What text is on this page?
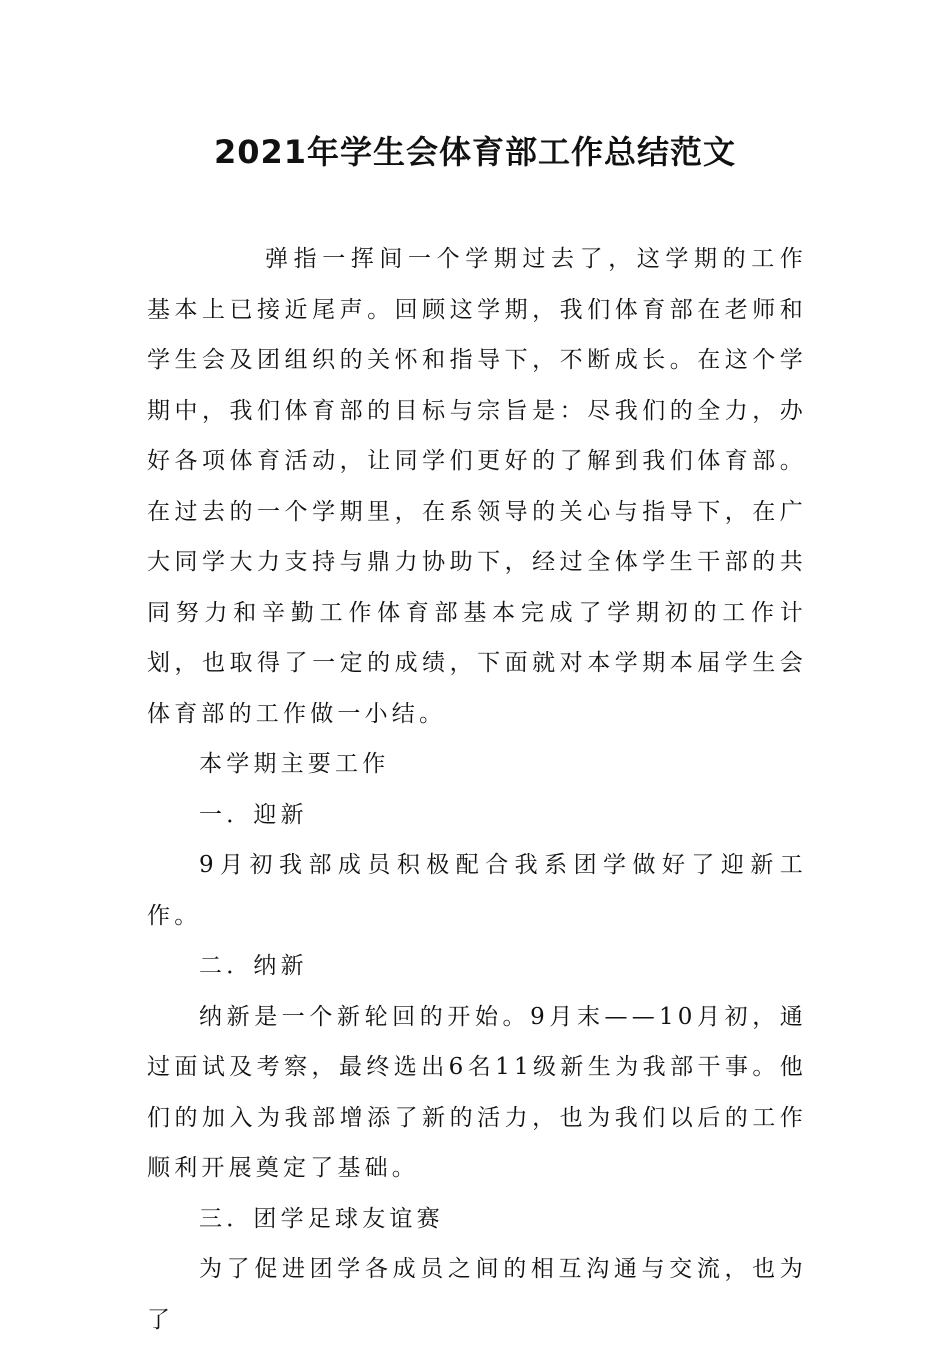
2021年学生会体育部工作总结范文

弹指一挥间一个学期过去了，这学期的工作基本上已接近尾声。回顾这学期，我们体育部在老师和学生会及团组织的关怀和指导下，不断成长。在这个学期中，我们体育部的目标与宗旨是：尽我们的全力，办好各项体育活动，让同学们更好的了解到我们体育部。在过去的一个学期里，在系领导的关心与指导下，在广大同学大力支持与鼎力协助下，经过全体学生干部的共同努力和辛勤工作体育部基本完成了学期初的工作计划，也取得了一定的成绩，下面就对本学期本届学生会体育部的工作做一小结。

本学期主要工作

一．迎新

9月初我部成员积极配合我系团学做好了迎新工作。

二．纳新

纳新是一个新轮回的开始。9月末——10月初，通过面试及考察，最终选出6名11级新生为我部干事。他们的加入为我部增添了新的活力，也为我们以后的工作顺利开展奠定了基础。

三．团学足球友谊赛

为了促进团学各成员之间的相互沟通与交流，也为了
